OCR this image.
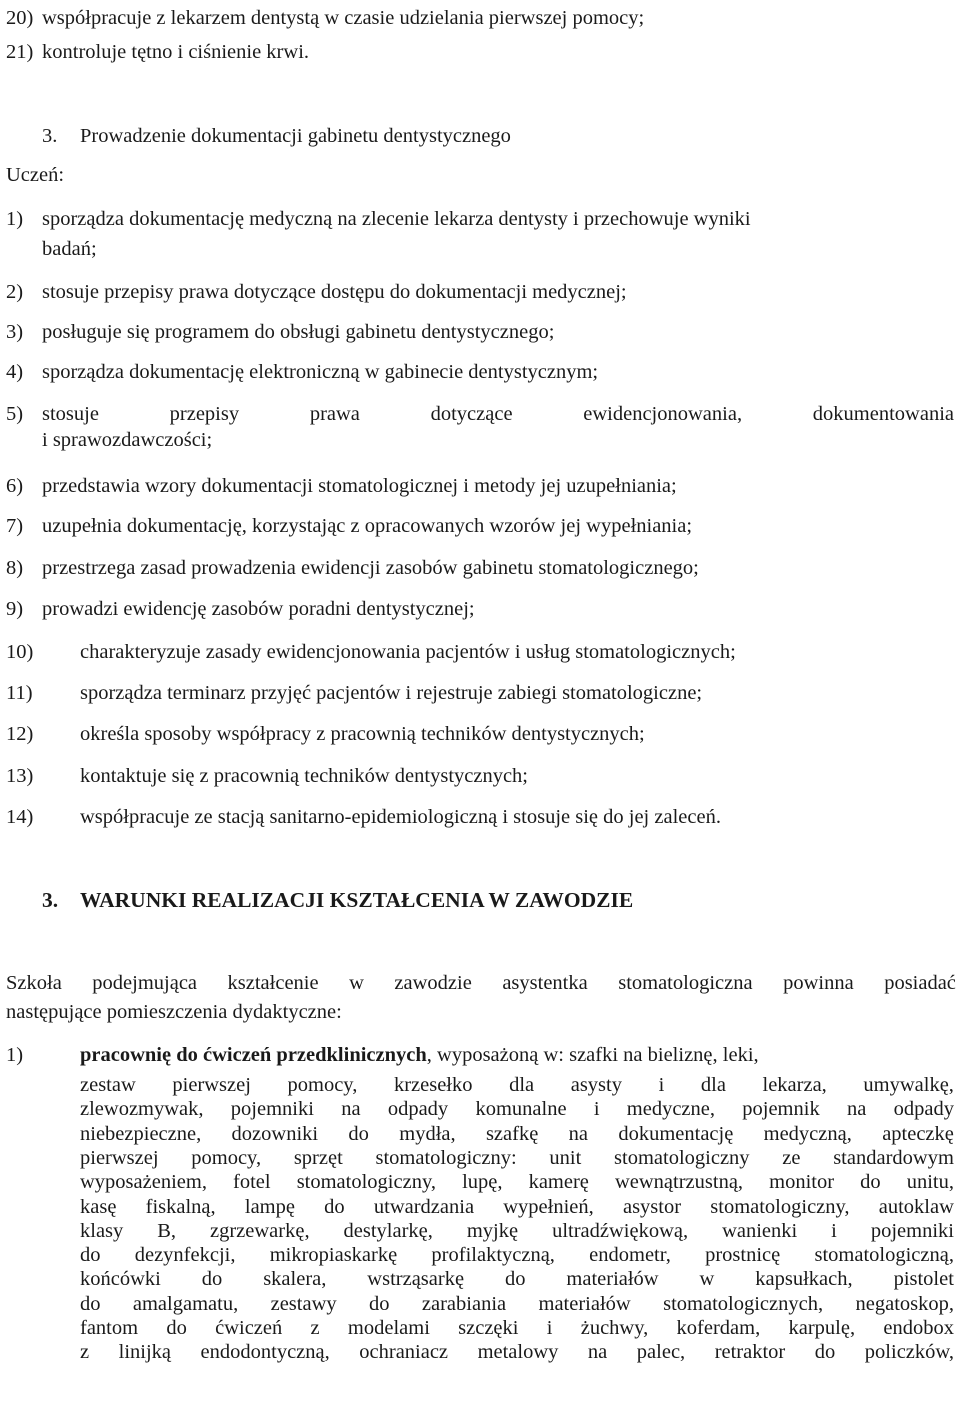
20) współpracuje z lekarzem dentystą w czasie udzielania pierwszej pomocy;
21) kontroluje tętno i ciśnienie krwi.
3. Prowadzenie dokumentacji gabinetu dentystycznego
Uczeń:
1) sporządza dokumentację medyczną na zlecenie lekarza dentysty i przechowuje wyniki
badań;
2) stosuje przepisy prawa dotyczące dostępu do dokumentacji medycznej;
3) posługuje się programem do obsługi gabinetu dentystycznego;
4) sporządza dokumentację elektroniczną w gabinecie dentystycznym;
5) stosuje	przepisy	prawa	dotyczące	ewidencjonowania,	dokumentowania
i sprawozdawczości;
6) przedstawia wzory dokumentacji stomatologicznej i metody jej uzupełniania;
7) uzupełnia dokumentację, korzystając z opracowanych wzorów jej wypełniania;
8) przestrzega zasad prowadzenia ewidencji zasobów gabinetu stomatologicznego;
9) prowadzi ewidencję zasobów poradni dentystycznej;
10) charakteryzuje zasady ewidencjonowania pacjentów i usług stomatologicznych;
11) sporządza terminarz przyjęć pacjentów i rejestruje zabiegi stomatologiczne;
12) określa sposoby współpracy z pracownią techników dentystycznych;
13) kontaktuje się z pracownią techników dentystycznych;
14) współpracuje ze stacją sanitarno-epidemiologiczną i stosuje się do jej zaleceń.
3. WARUNKI REALIZACJI KSZTAŁCENIA W ZAWODZIE
Szkoła podejmująca kształcenie w zawodzie asystentka stomatologiczna powinna posiadać
następujące pomieszczenia dydaktyczne:
1)	pracownię do ćwiczeń przedklinicznych, wyposażoną w: szafki na bieliznę, leki,
zestaw pierwszej pomocy, krzesełko dla asysty i dla lekarza, umywalkę,
zlewozmywak, pojemniki na odpady komunalne i medyczne, pojemnik na odpady
niebezpieczne, dozowniki do mydła, szafkę na dokumentację medyczną, apteczkę
pierwszej pomocy, sprzęt stomatologiczny: unit stomatologiczny ze standardowym
wyposażeniem, fotel stomatologiczny, lupę, kamerę wewnątrzustną, monitor do unitu,
kasę fiskalną, lampę do utwardzania wypełnień, asystor stomatologiczny, autoklaw
klasy B, zgrzewarkę, destylarkę, myjkę ultradźwiękową, wanienki i pojemniki
do dezynfekcji, mikropiaskarkę profilaktyczną, endometr, prostnicę stomatologiczną,
końcówki do skalera, wstrząsarkę do materiałów w kapsułkach, pistolet
do amalgamatu, zestawy do zarabiania materiałów stomatologicznych, negatoskop,
fantom do ćwiczeń z modelami szczęki i żuchwy, koferdam, karpulę, endobox
z linijką endodontyczną, ochraniacz metalowy na palec, retraktor do policzków,
